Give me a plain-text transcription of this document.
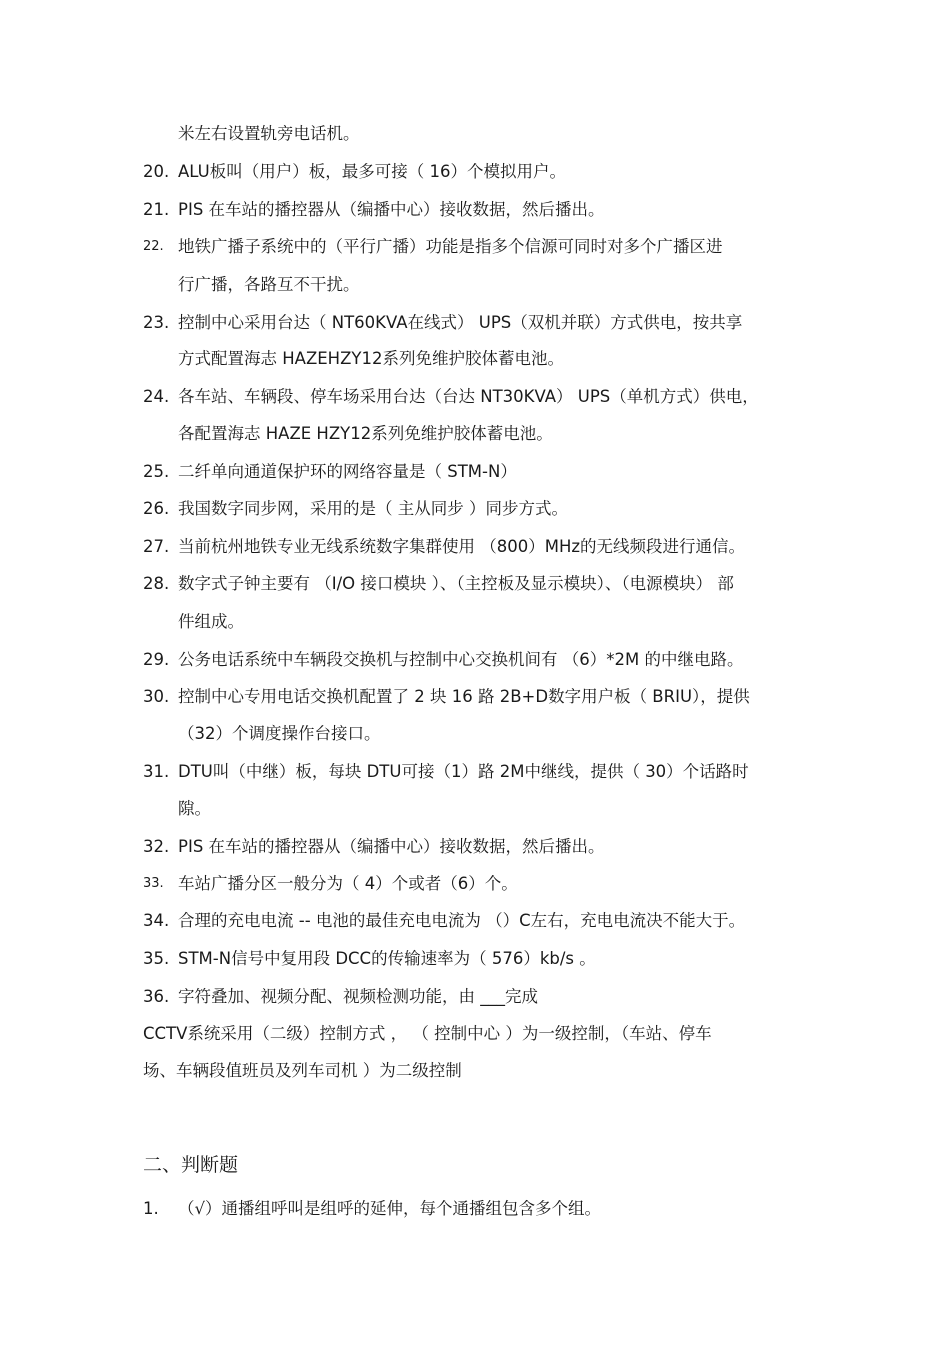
米左右设置轨旁电话机。
20. ALU板叫（用户）板，最多可接（ 16）个模拟用户。
21. PIS 在车站的播控器从（编播中心）接收数据，然后播出。
22. 地铁广播子系统中的（平行广播）功能是指多个信源可同时对多个广播区进
行广播，各路互不干扰。
23. 控制中心采用台达（ NT60KVA在线式） UPS（双机并联）方式供电，按共享
方式配置海志 HAZEHZY12系列免维护胶体蓄电池。
24. 各车站、车辆段、停车场采用台达（台达 NT30KVA） UPS（单机方式）供电，
各配置海志 HAZE HZY12系列免维护胶体蓄电池。
25. 二纤单向通道保护环的网络容量是（ STM-N）
26. 我国数字同步网，采用的是（ 主从同步 ）同步方式。
27. 当前杭州地铁专业无线系统数字集群使用 （800）MHz的无线频段进行通信。
28. 数字式子钟主要有 （I/O 接口模块 ）、（主控板及显示模块）、（电源模块） 部
件组成。
29. 公务电话系统中车辆段交换机与控制中心交换机间有 （6）*2M 的中继电路。
30. 控制中心专用电话交换机配置了 2 块 16 路 2B+D数字用户板（ BRIU），提供
（32）个调度操作台接口。
31. DTU叫（中继）板，每块 DTU可接（1）路 2M中继线，提供（ 30）个话路时
隙。
32. PIS 在车站的播控器从（编播中心）接收数据，然后播出。
33. 车站广播分区一般分为（ 4）个或者（6）个。
34. 合理的充电电流 -- 电池的最佳充电电流为 （）C左右，充电电流决不能大于。
35. STM-N信号中复用段 DCC的传输速率为（ 576）kb/s 。
36. 字符叠加、视频分配、视频检测功能，由 ___完成
CCTV系统采用（二级）控制方式 ， （ 控制中心 ）为一级控制，（车站、停车
场、车辆段值班员及列车司机 ）为二级控制
二、判断题
1. （√）通播组呼叫是组呼的延伸，每个通播组包含多个组。
